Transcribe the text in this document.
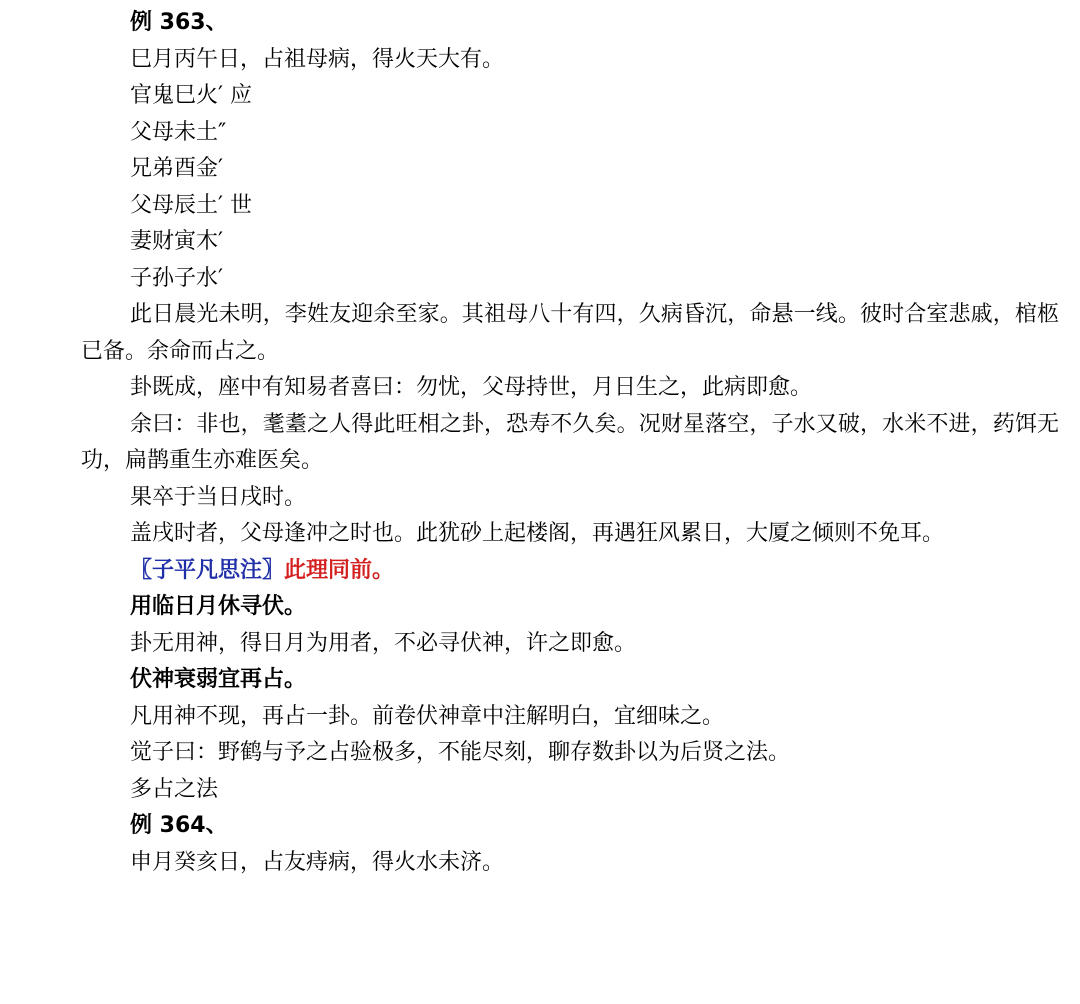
例 363、

巳月丙午日，占祖母病，得火天大有。

官鬼巳火′ 应

父母未土″

兄弟酉金′

父母辰土′ 世

妻财寅木′

子孙子水′

此日晨光未明，李姓友迎余至家。其祖母八十有四，久病昏沉，命悬一线。彼时合室悲戚，棺柩已备。余命而占之。

卦既成，座中有知易者喜曰：勿忧，父母持世，月日生之，此病即愈。

余曰：非也，耄耋之人得此旺相之卦，恐寿不久矣。况财星落空，子水又破，水米不进，药饵无功，扁鹊重生亦难医矣。

果卒于当日戌时。

盖戌时者，父母逢冲之时也。此犹砂上起楼阁，再遇狂风累日，大厦之倾则不免耳。

〖子平凡思注〗此理同前。

用临日月休寻伏。

卦无用神，得日月为用者，不必寻伏神，许之即愈。

伏神衰弱宜再占。

凡用神不现，再占一卦。前卷伏神章中注解明白，宜细味之。

觉子曰：野鹤与予之占验极多，不能尽刻，聊存数卦以为后贤之法。

多占之法

例 364、

申月癸亥日，占友痔病，得火水未济。
